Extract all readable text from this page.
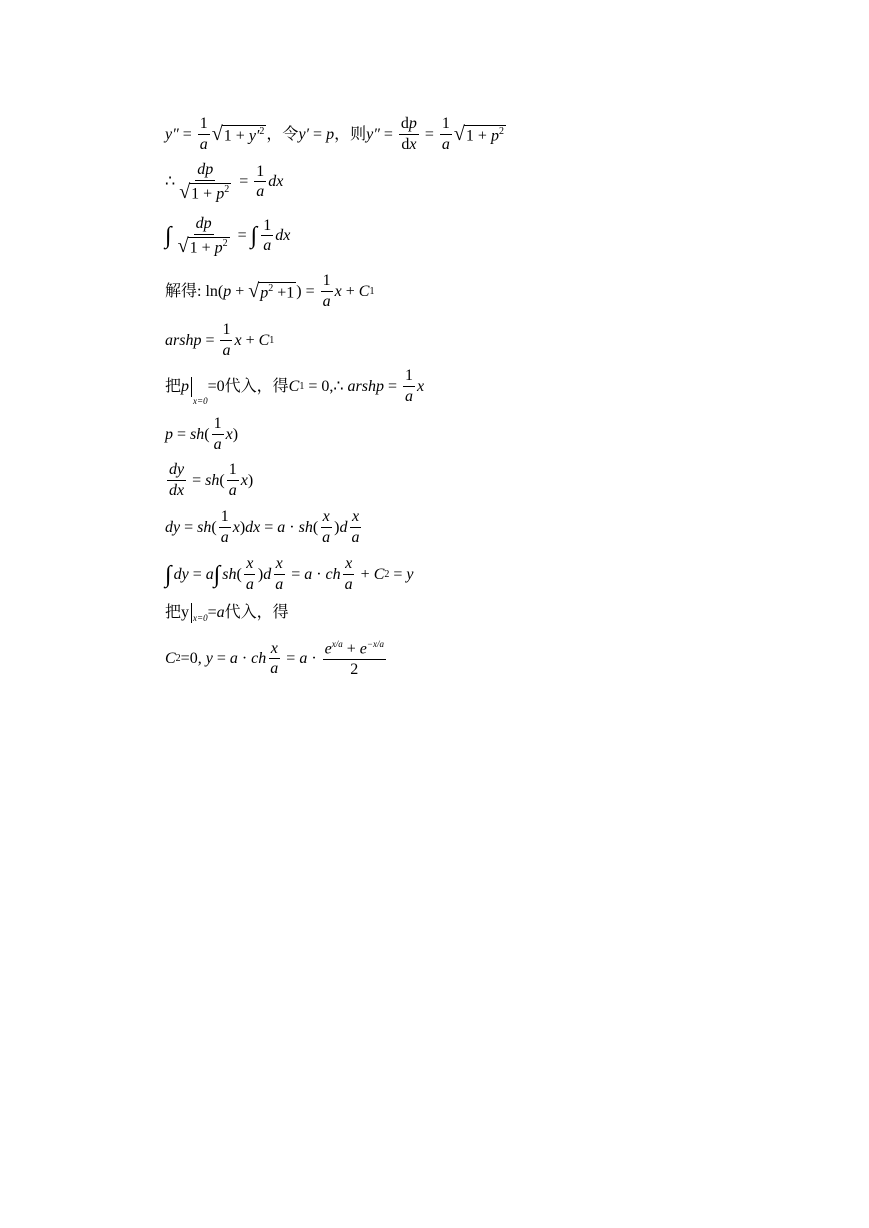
$y'' = \frac{1}{a}$ √ $1 + y'^2$ ，令 y′ = p ，则 $y'' = \frac{dp}{dx} = \frac{1}{a}$ √ $1 + p^2$
∴ $\frac{dp}{√ 1 + p^2} = \frac{1}{a}$ dx
∫ $\frac{dp}{√ 1 + p^2}$ = ∫ $\frac{1}{a}$ dx
解得 : ln( p + √ $p^2 +1$ ) = $\frac{1}{a}$ x + C 1
arshp = $\frac{1}{a}$ x + C 1
把 p
x=0
=0 代入，得 C 1 = 0,∴ arshp = $\frac{1}{a}$ x
p = sh ( $\frac{1}{a}$ x )
$\frac{dy}{dx}$ = sh ( $\frac{1}{a}$ x )
dy = sh ( $\frac{1}{a}$ x ) dx = a · sh ( $\frac{x}{a}$ ) d $\frac{x}{a}$
∫ dy = a ∫ sh ( $\frac{x}{a}$ ) d $\frac{x}{a} = a$ · ch $\frac{x}{a} + C$ 2 = y
把y x=0 = a 代入，得
C 2 =0, y = a · ch $\frac{x}{a} = a \cdot \frac{e^{x/a} + e^{-x/a}}{2}$
